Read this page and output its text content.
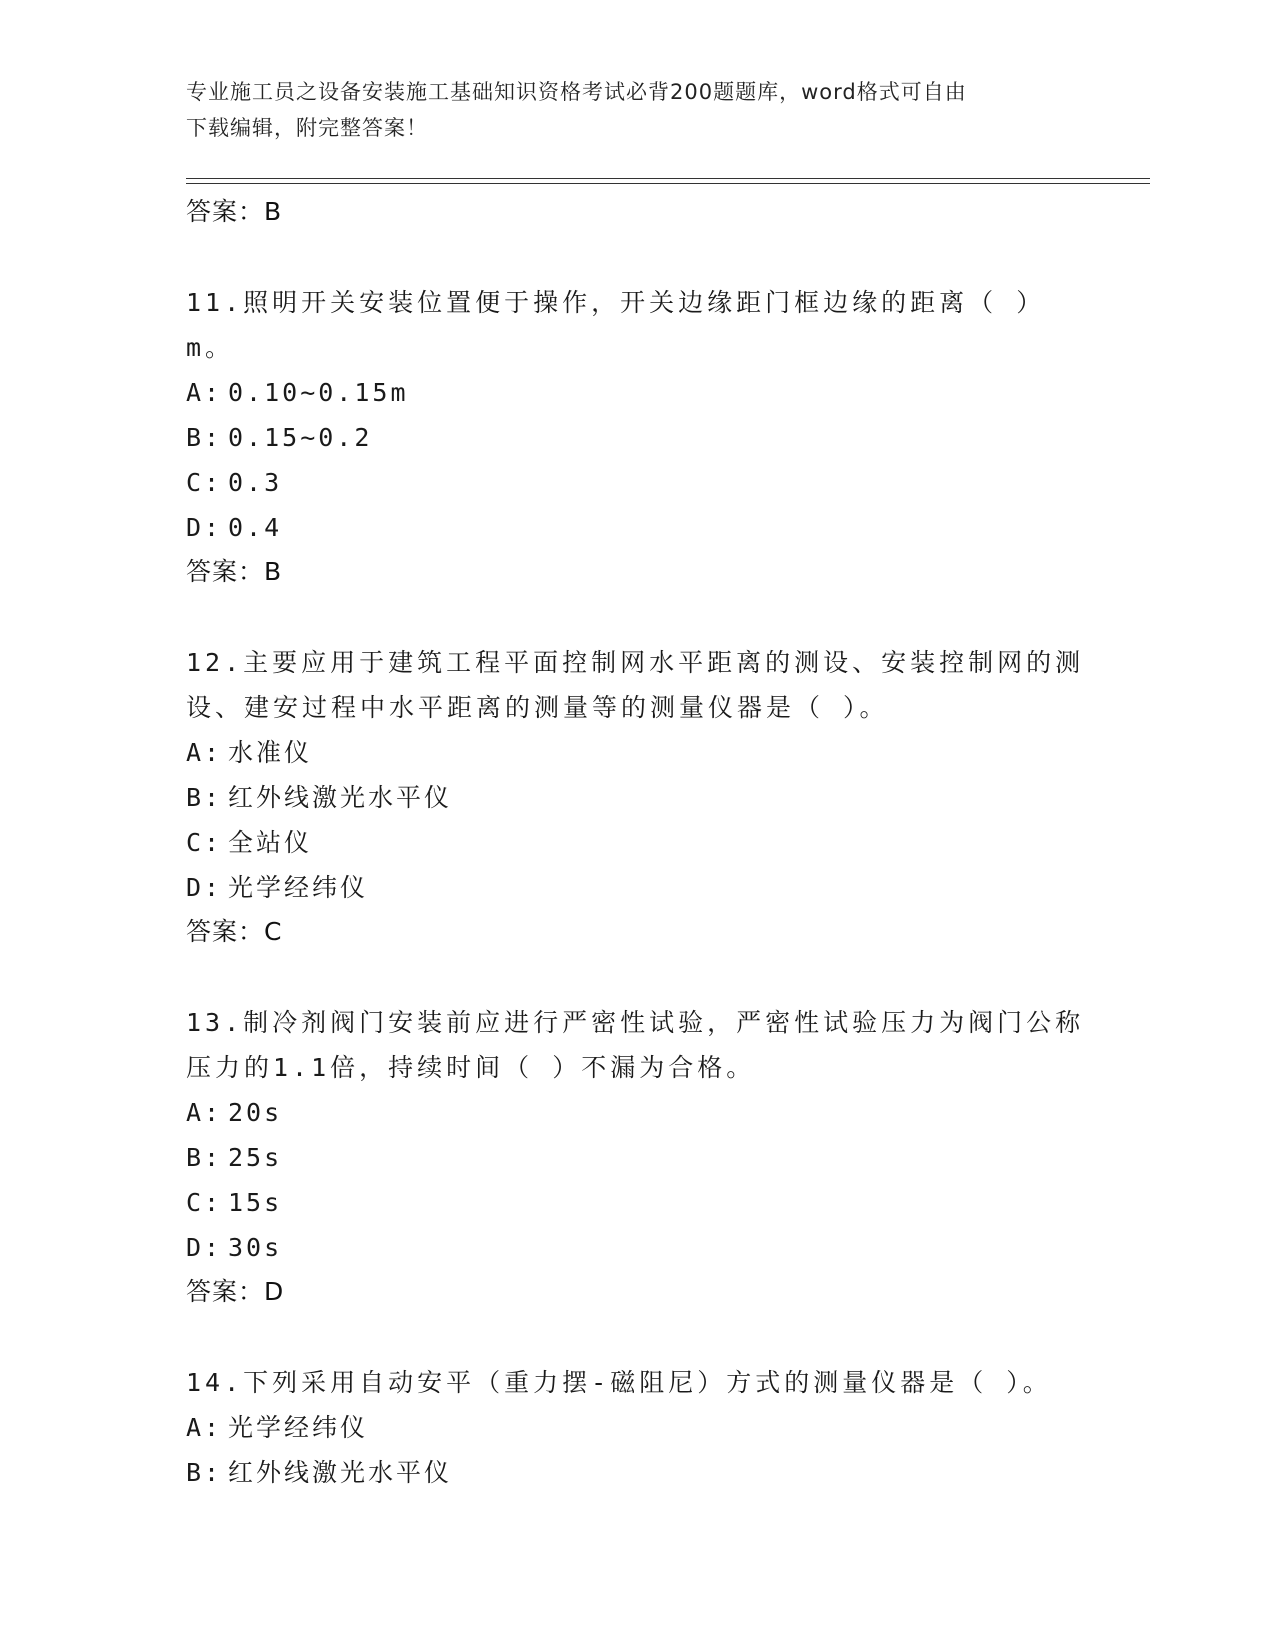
专业施工员之设备安装施工基础知识资格考试必背200题题库，word格式可自由
下载编辑，附完整答案！
答案：B
11.照明开关安装位置便于操作，开关边缘距门框边缘的距离（ ）m。
A: 0.10~0.15m
B: 0.15~0.2
C: 0.3
D: 0.4
答案：B
12.主要应用于建筑工程平面控制网水平距离的测设、安装控制网的测设、建安过程中水平距离的测量等的测量仪器是（ ）。
A: 水准仪
B: 红外线激光水平仪
C: 全站仪
D: 光学经纬仪
答案：C
13.制冷剂阀门安装前应进行严密性试验，严密性试验压力为阀门公称压力的1.1倍，持续时间（ ）不漏为合格。
A: 20s
B: 25s
C: 15s
D: 30s
答案：D
14.下列采用自动安平（重力摆-磁阻尼）方式的测量仪器是（ ）。
A: 光学经纬仪
B: 红外线激光水平仪
